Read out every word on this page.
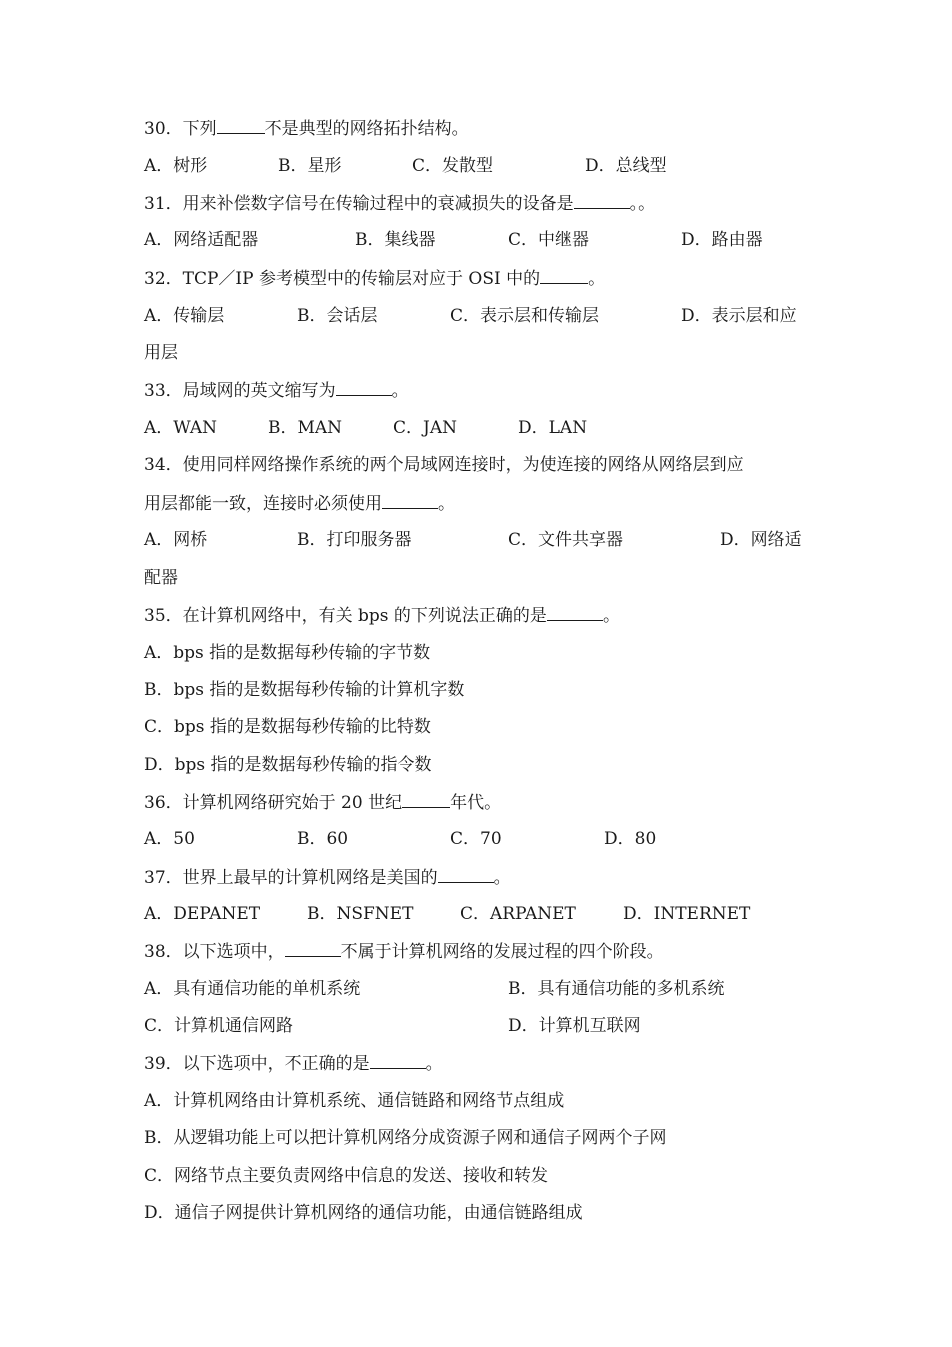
30．下列	不是典型的网络拓扑结构。
A．树形	B．星形	C．发散型	D．总线型
31．用来补偿数字信号在传输过程中的衰减损失的设备是	。。
A．网络适配器	B．集线器	C．中继器	D．路由器
32．TCP／IP 参考模型中的传输层对应于 OSI 中的	。
A．传输层	B．会话层	C．表示层和传输层	D．表示层和应
用层
33．局域网的英文缩写为	。
A．WAN	B．MAN	C．JAN	D．LAN
34．使用同样网络操作系统的两个局域网连接时，为使连接的网络从网络层到应
用层都能一致，连接时必须使用	。
A．网桥	B．打印服务器	C．文件共享器	D．网络适
配器
35．在计算机网络中，有关 bps 的下列说法正确的是	。
A．bps 指的是数据每秒传输的字节数
B．bps 指的是数据每秒传输的计算机字数
C．bps 指的是数据每秒传输的比特数
D．bps 指的是数据每秒传输的指令数
36．计算机网络研究始于 20 世纪	年代。
A．50	B．60	C．70	D．80
37．世界上最早的计算机网络是美国的	。
A．DEPANET	B．NSFNET	C．ARPANET	D．INTERNET
38．以下选项中，	不属于计算机网络的发展过程的四个阶段。
A．具有通信功能的单机系统	B．具有通信功能的多机系统
C．计算机通信网路	D．计算机互联网
39．以下选项中，不正确的是	。
A．计算机网络由计算机系统、通信链路和网络节点组成
B．从逻辑功能上可以把计算机网络分成资源子网和通信子网两个子网
C．网络节点主要负责网络中信息的发送、接收和转发
D．通信子网提供计算机网络的通信功能，由通信链路组成
